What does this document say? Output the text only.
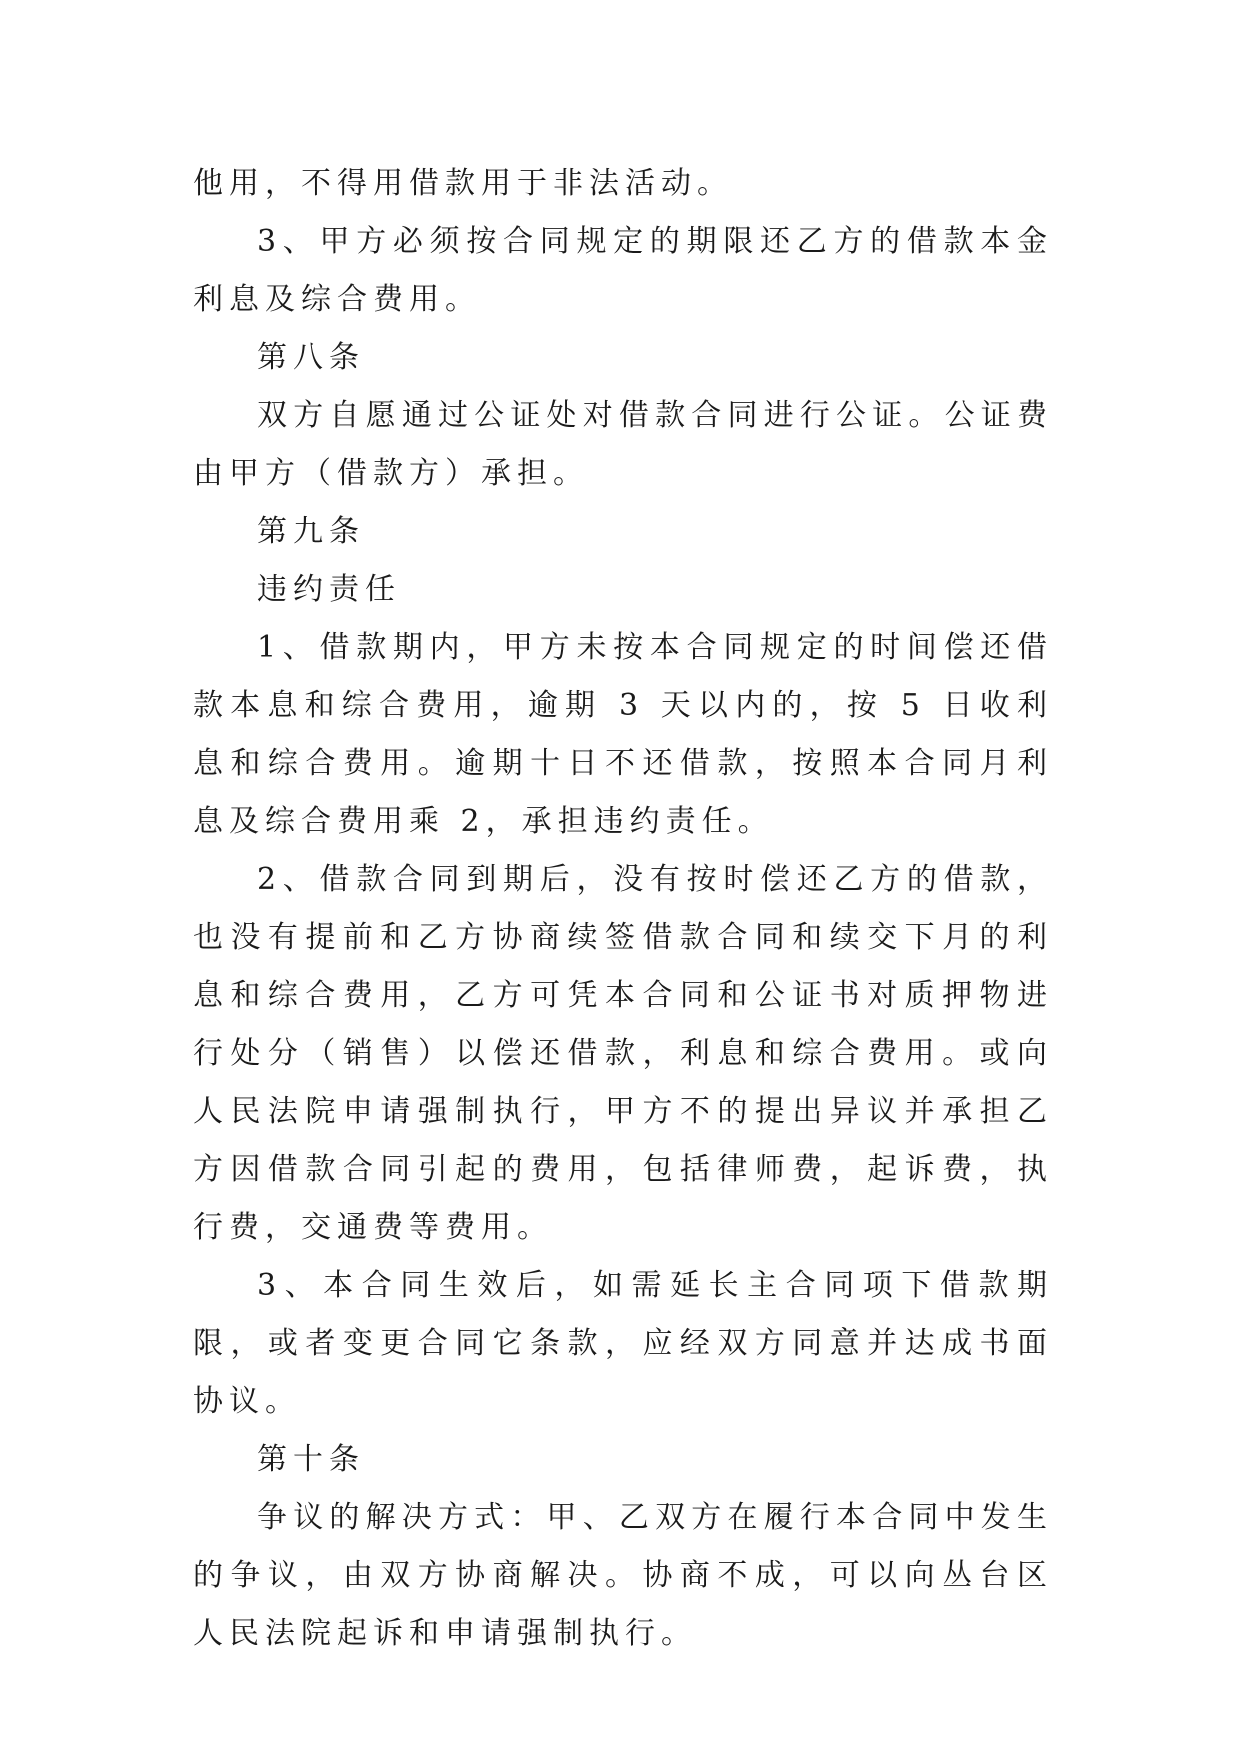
他用，不得用借款用于非法活动。

3、甲方必须按合同规定的期限还乙方的借款本金利息及综合费用。

第八条

双方自愿通过公证处对借款合同进行公证。公证费由甲方（借款方）承担。

第九条

违约责任

1、借款期内，甲方未按本合同规定的时间偿还借款本息和综合费用，逾期 3 天以内的，按 5 日收利息和综合费用。逾期十日不还借款，按照本合同月利息及综合费用乘 2，承担违约责任。

2、借款合同到期后，没有按时偿还乙方的借款，也没有提前和乙方协商续签借款合同和续交下月的利息和综合费用，乙方可凭本合同和公证书对质押物进行处分（销售）以偿还借款，利息和综合费用。或向人民法院申请强制执行，甲方不的提出异议并承担乙方因借款合同引起的费用，包括律师费，起诉费，执行费，交通费等费用。

3、本合同生效后，如需延长主合同项下借款期限，或者变更合同它条款，应经双方同意并达成书面协议。

第十条

争议的解决方式：甲、乙双方在履行本合同中发生的争议，由双方协商解决。协商不成，可以向丛台区人民法院起诉和申请强制执行。
